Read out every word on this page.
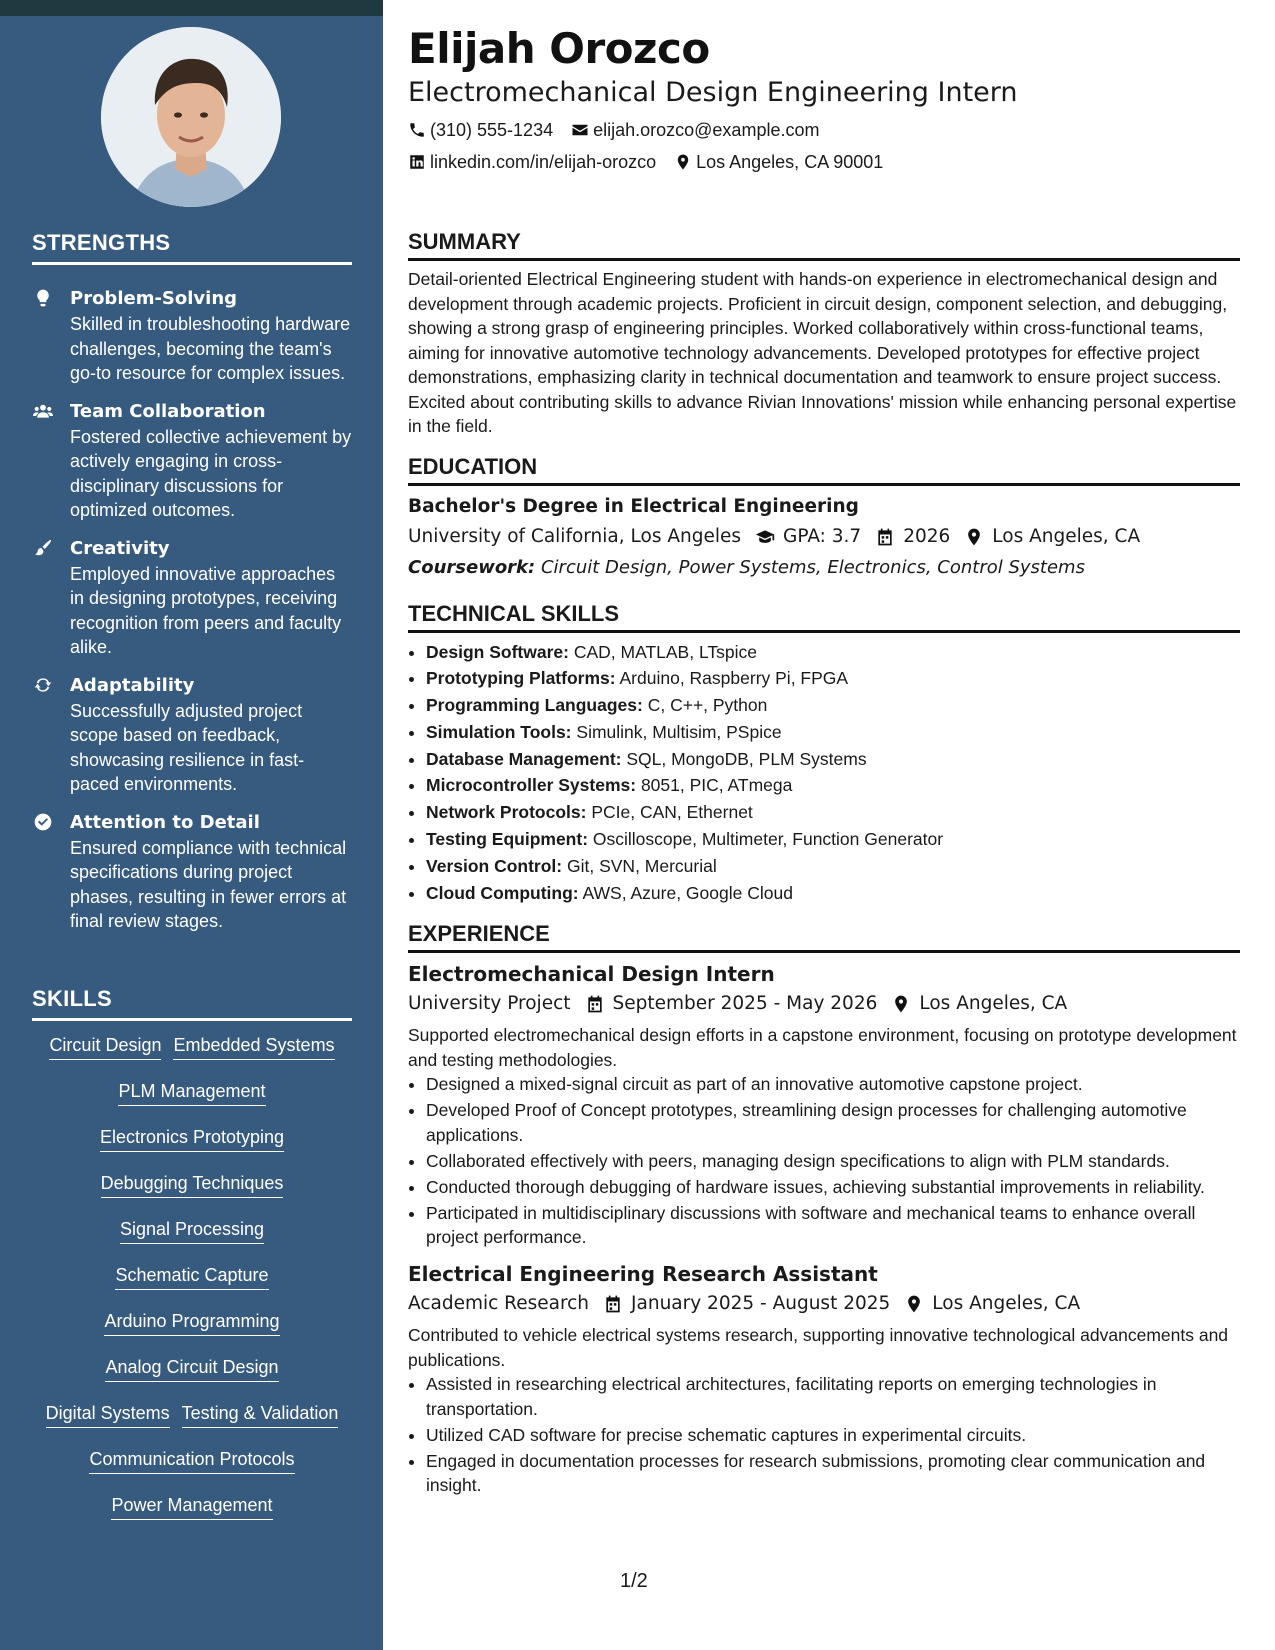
STRENGTHS
Problem-Solving
Skilled in troubleshooting hardware challenges, becoming the team's go-to resource for complex issues.
Team Collaboration
Fostered collective achievement by actively engaging in cross-disciplinary discussions for optimized outcomes.
Creativity
Employed innovative approaches in designing prototypes, receiving recognition from peers and faculty alike.
Adaptability
Successfully adjusted project scope based on feedback, showcasing resilience in fast-paced environments.
Attention to Detail
Ensured compliance with technical specifications during project phases, resulting in fewer errors at final review stages.
SKILLS
Circuit Design Embedded Systems
PLM Management
Electronics Prototyping
Debugging Techniques
Signal Processing
Schematic Capture
Arduino Programming
Analog Circuit Design
Digital Systems Testing & Validation
Communication Protocols
Power Management
Elijah Orozco
Electromechanical Design Engineering Intern
(310) 555-1234 elijah.orozco@example.com
linkedin.com/in/elijah-orozco Los Angeles, CA 90001
SUMMARY

Detail-oriented Electrical Engineering student with hands-on experience in electromechanical design and development through academic projects. Proficient in circuit design, component selection, and debugging, showing a strong grasp of engineering principles. Worked collaboratively within cross-functional teams, aiming for innovative automotive technology advancements. Developed prototypes for effective project demonstrations, emphasizing clarity in technical documentation and teamwork to ensure project success. Excited about contributing skills to advance Rivian Innovations' mission while enhancing personal expertise in the field.

EDUCATION
Bachelor's Degree in Electrical Engineering
University of California, Los Angeles GPA: 3.7 2026 Los Angeles, CA
Coursework: Circuit Design, Power Systems, Electronics, Control Systems
TECHNICAL SKILLS
• Design Software: CAD, MATLAB, LTspice
• Prototyping Platforms: Arduino, Raspberry Pi, FPGA
• Programming Languages: C, C++, Python
• Simulation Tools: Simulink, Multisim, PSpice
• Database Management: SQL, MongoDB, PLM Systems
• Microcontroller Systems: 8051, PIC, ATmega
• Network Protocols: PCIe, CAN, Ethernet
• Testing Equipment: Oscilloscope, Multimeter, Function Generator
• Version Control: Git, SVN, Mercurial
• Cloud Computing: AWS, Azure, Google Cloud
EXPERIENCE
Electromechanical Design Intern
University Project September 2025 - May 2026 Los Angeles, CA

Supported electromechanical design efforts in a capstone environment, focusing on prototype development and testing methodologies.

• Designed a mixed-signal circuit as part of an innovative automotive capstone project.
• Developed Proof of Concept prototypes, streamlining design processes for challenging automotive applications.
• Collaborated effectively with peers, managing design specifications to align with PLM standards.
• Conducted thorough debugging of hardware issues, achieving substantial improvements in reliability.
• Participated in multidisciplinary discussions with software and mechanical teams to enhance overall project performance.
Electrical Engineering Research Assistant
Academic Research January 2025 - August 2025 Los Angeles, CA

Contributed to vehicle electrical systems research, supporting innovative technological advancements and publications.

• Assisted in researching electrical architectures, facilitating reports on emerging technologies in transportation.
• Utilized CAD software for precise schematic captures in experimental circuits.
• Engaged in documentation processes for research submissions, promoting clear communication and insight.
1/2
